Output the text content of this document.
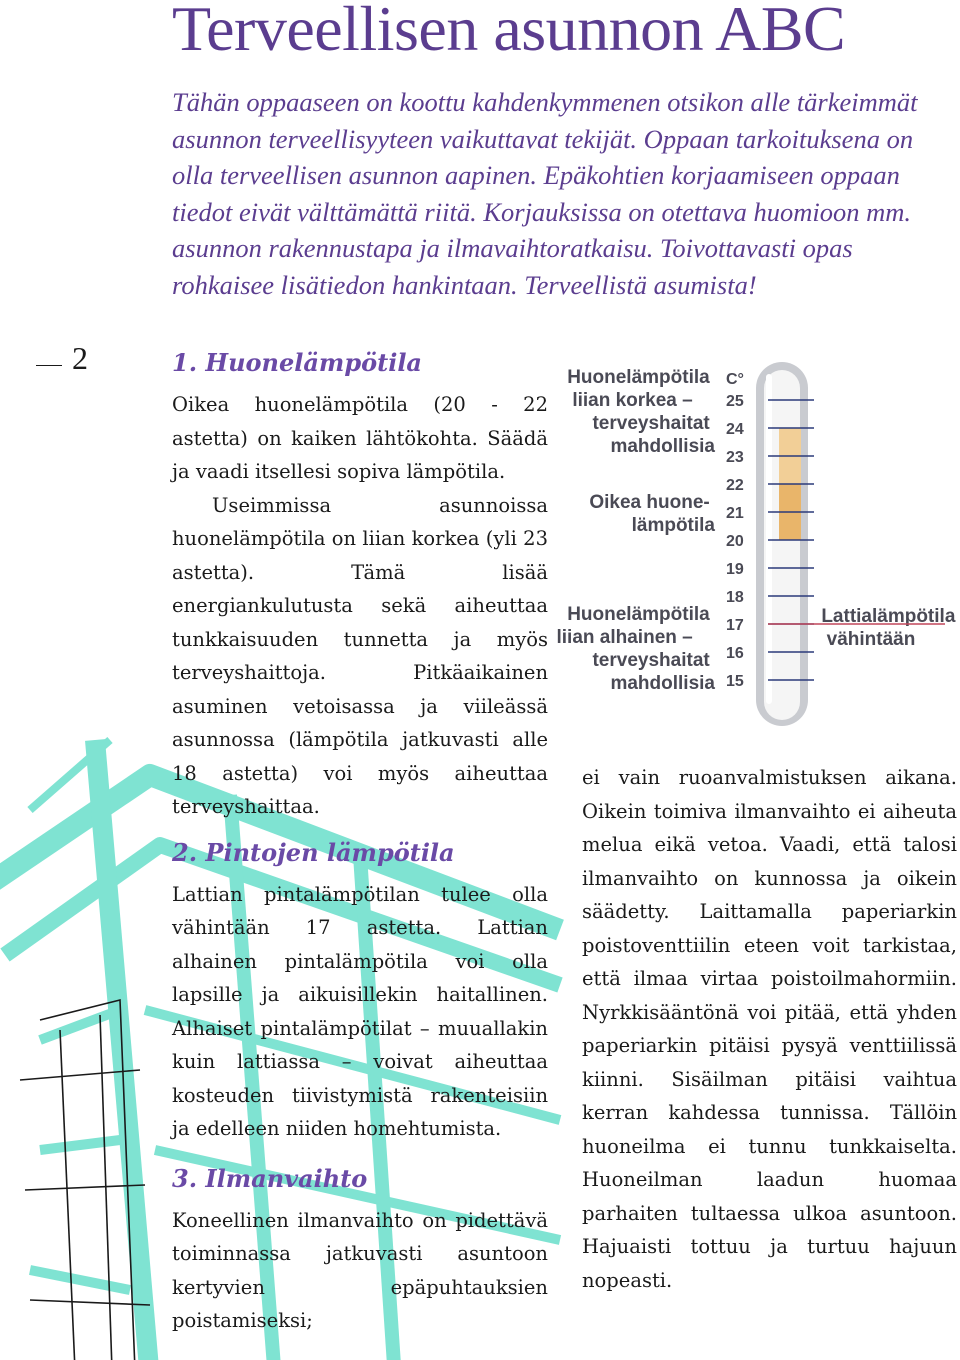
Terveellisen asunnon ABC

Tähän oppaaseen on koottu kahdenkymmenen otsikon alle tärkeimmät asunnon terveellisyyteen vaikuttavat tekijät. Oppaan tarkoituksena on olla terveellisen asunnon aapinen. Epäkohtien korjaamiseen oppaan tiedot eivät välttämättä riitä. Korjauksissa on otettava huomioon mm. asunnon rakennustapa ja ilmavaihtoratkaisu. Toivottavasti opas rohkaisee lisätiedon hankintaan. Terveellistä asumista!

2	1. Huonelämpötila

Oikea huonelämpötila (20 - 22 astetta) on kaiken lähtökohta. Säädä ja vaadi itsellesi sopiva lämpötila.

Useimmissa asunnoissa huonelämpötila on liian korkea (yli 23 astetta). Tämä lisää energiankulutusta sekä aiheuttaa tunkkaisuuden tunnetta ja myös terveyshaittoja. Pitkäaikainen asuminen vetoisassa ja viileässä asunnossa (lämpötila jatkuvasti alle 18 astetta) voi myös aiheuttaa terveyshaittaa.

2. Pintojen lämpötila

Lattian pintalämpötilan tulee olla vähintään 17 astetta. Lattian alhainen pintalämpötila voi olla lapsille ja aikuisillekin haitallinen. Alhaiset pintalämpötilat – muuallakin kuin lattiassa – voivat aiheuttaa kosteuden tiivistymistä rakenteisiin ja edelleen niiden homehtumista.

3. Ilmanvaihto

Koneellinen ilmanvaihto on pidettävä toiminnassa jatkuvasti asuntoon kertyvien epäpuhtauksien poistamiseksi;

Huonelämpötila liian korkea – terveyshaitat mahdollisia
Oikea huone- lämpötila
Huonelämpötila liian alhainen – terveyshaitat mahdollisia
Lattialämpötila vähintään
C°
25
24
23
22
21
20
19
18
17
16
15

ei vain ruoanvalmistuksen aikana. Oikein toimiva ilmanvaihto ei aiheuta melua eikä vetoa. Vaadi, että talosi ilmanvaihto on kunnossa ja oikein säädetty. Laittamalla paperiarkin poistoventtiilin eteen voit tarkistaa, että ilmaa virtaa poistoilmahormiin. Nyrkkisääntönä voi pitää, että yhden paperiarkin pitäisi pysyä venttiilissä kiinni. Sisäilman pitäisi vaihtua kerran kahdessa tunnissa. Tällöin huoneilma ei tunnu tunkkaiselta. Huoneilman laadun huomaa parhaiten tultaessa ulkoa asuntoon. Hajuaisti tottuu ja turtuu hajuun nopeasti.
